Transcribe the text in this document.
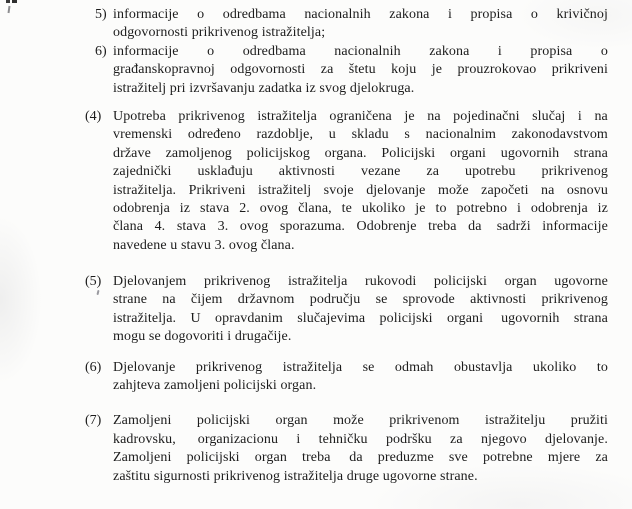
5) informacije o odredbama nacionalnih zakona i propisa o krivičnoj
odgovornosti prikrivenog istražitelja;
6) informacije o odredbama nacionalnih zakona i propisa o
građanskopravnoj odgovornosti za štetu koju je prouzrokovao prikriveni
istražitelj pri izvršavanju zadatka iz svog djelokruga.
(4) Upotreba prikrivenog istražitelja ograničena je na pojedinačni slučaj i na
vremenski određeno razdoblje, u skladu s nacionalnim zakonodavstvom
države zamoljenog policijskog organa. Policijski organi ugovornih strana
zajednički usklađuju aktivnosti vezane za upotrebu prikrivenog
istražitelja. Prikriveni istražitelj svoje djelovanje može započeti na osnovu
odobrenja iz stava 2. ovog člana, te ukoliko je to potrebno i odobrenja iz
člana 4. stava 3. ovog sporazuma. Odobrenje treba da sadrži informacije
navedene u stavu 3. ovog člana.
(5) Djelovanjem prikrivenog istražitelja rukovodi policijski organ ugovorne
strane na čijem državnom području se sprovode aktivnosti prikrivenog
istražitelja. U opravdanim slučajevima policijski organi ugovornih strana
mogu se dogovoriti i drugačije.
(6) Djelovanje prikrivenog istražitelja se odmah obustavlja ukoliko to
zahjteva zamoljeni policijski organ.
(7) Zamoljeni policijski organ može prikrivenom istražitelju pružiti
kadrovsku, organizacionu i tehničku podršku za njegovo djelovanje.
Zamoljeni policijski organ treba da preduzme sve potrebne mjere za
zaštitu sigurnosti prikrivenog istražitelja druge ugovorne strane.
